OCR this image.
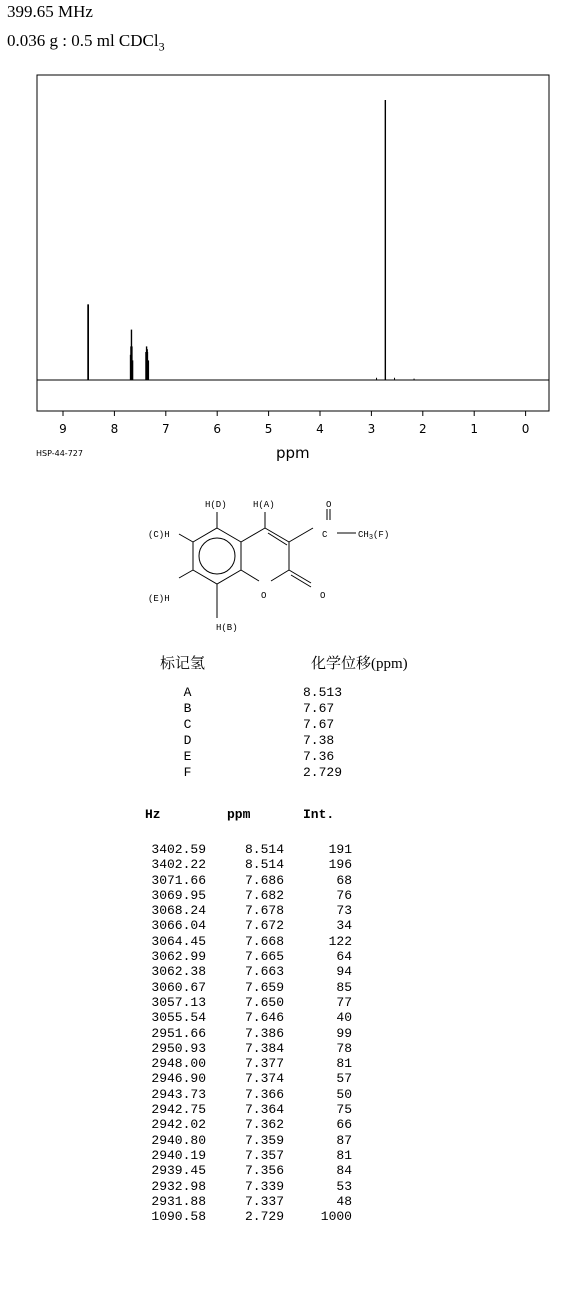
399.65 MHz
0.036 g : 0.5 ml CDCl$_3$
9	8	7	6	5	4	3	2	1	0
HSP-44-727	ppm
H(D)	H(A)	O
C	$CH_3(F)$
(C)H
(E)H	O	O
H(B)
标记氢	化学位移(ppm)
A	8.513
B	7.67
C	7.67
D	7.38
E	7.36
F	2.729
Hz	ppm	Int.
3402.59	8.514	191
3402.22	8.514	196
3071.66	7.686	68
3069.95	7.682	76
3068.24	7.678	73
3066.04	7.672	34
3064.45	7.668	122
3062.99	7.665	64
3062.38	7.663	94
3060.67	7.659	85
3057.13	7.650	77
3055.54	7.646	40
2951.66	7.386	99
2950.93	7.384	78
2948.00	7.377	81
2946.90	7.374	57
2943.73	7.366	50
2942.75	7.364	75
2942.02	7.362	66
2940.80	7.359	87
2940.19	7.357	81
2939.45	7.356	84
2932.98	7.339	53
2931.88	7.337	48
1090.58	2.729	1000
